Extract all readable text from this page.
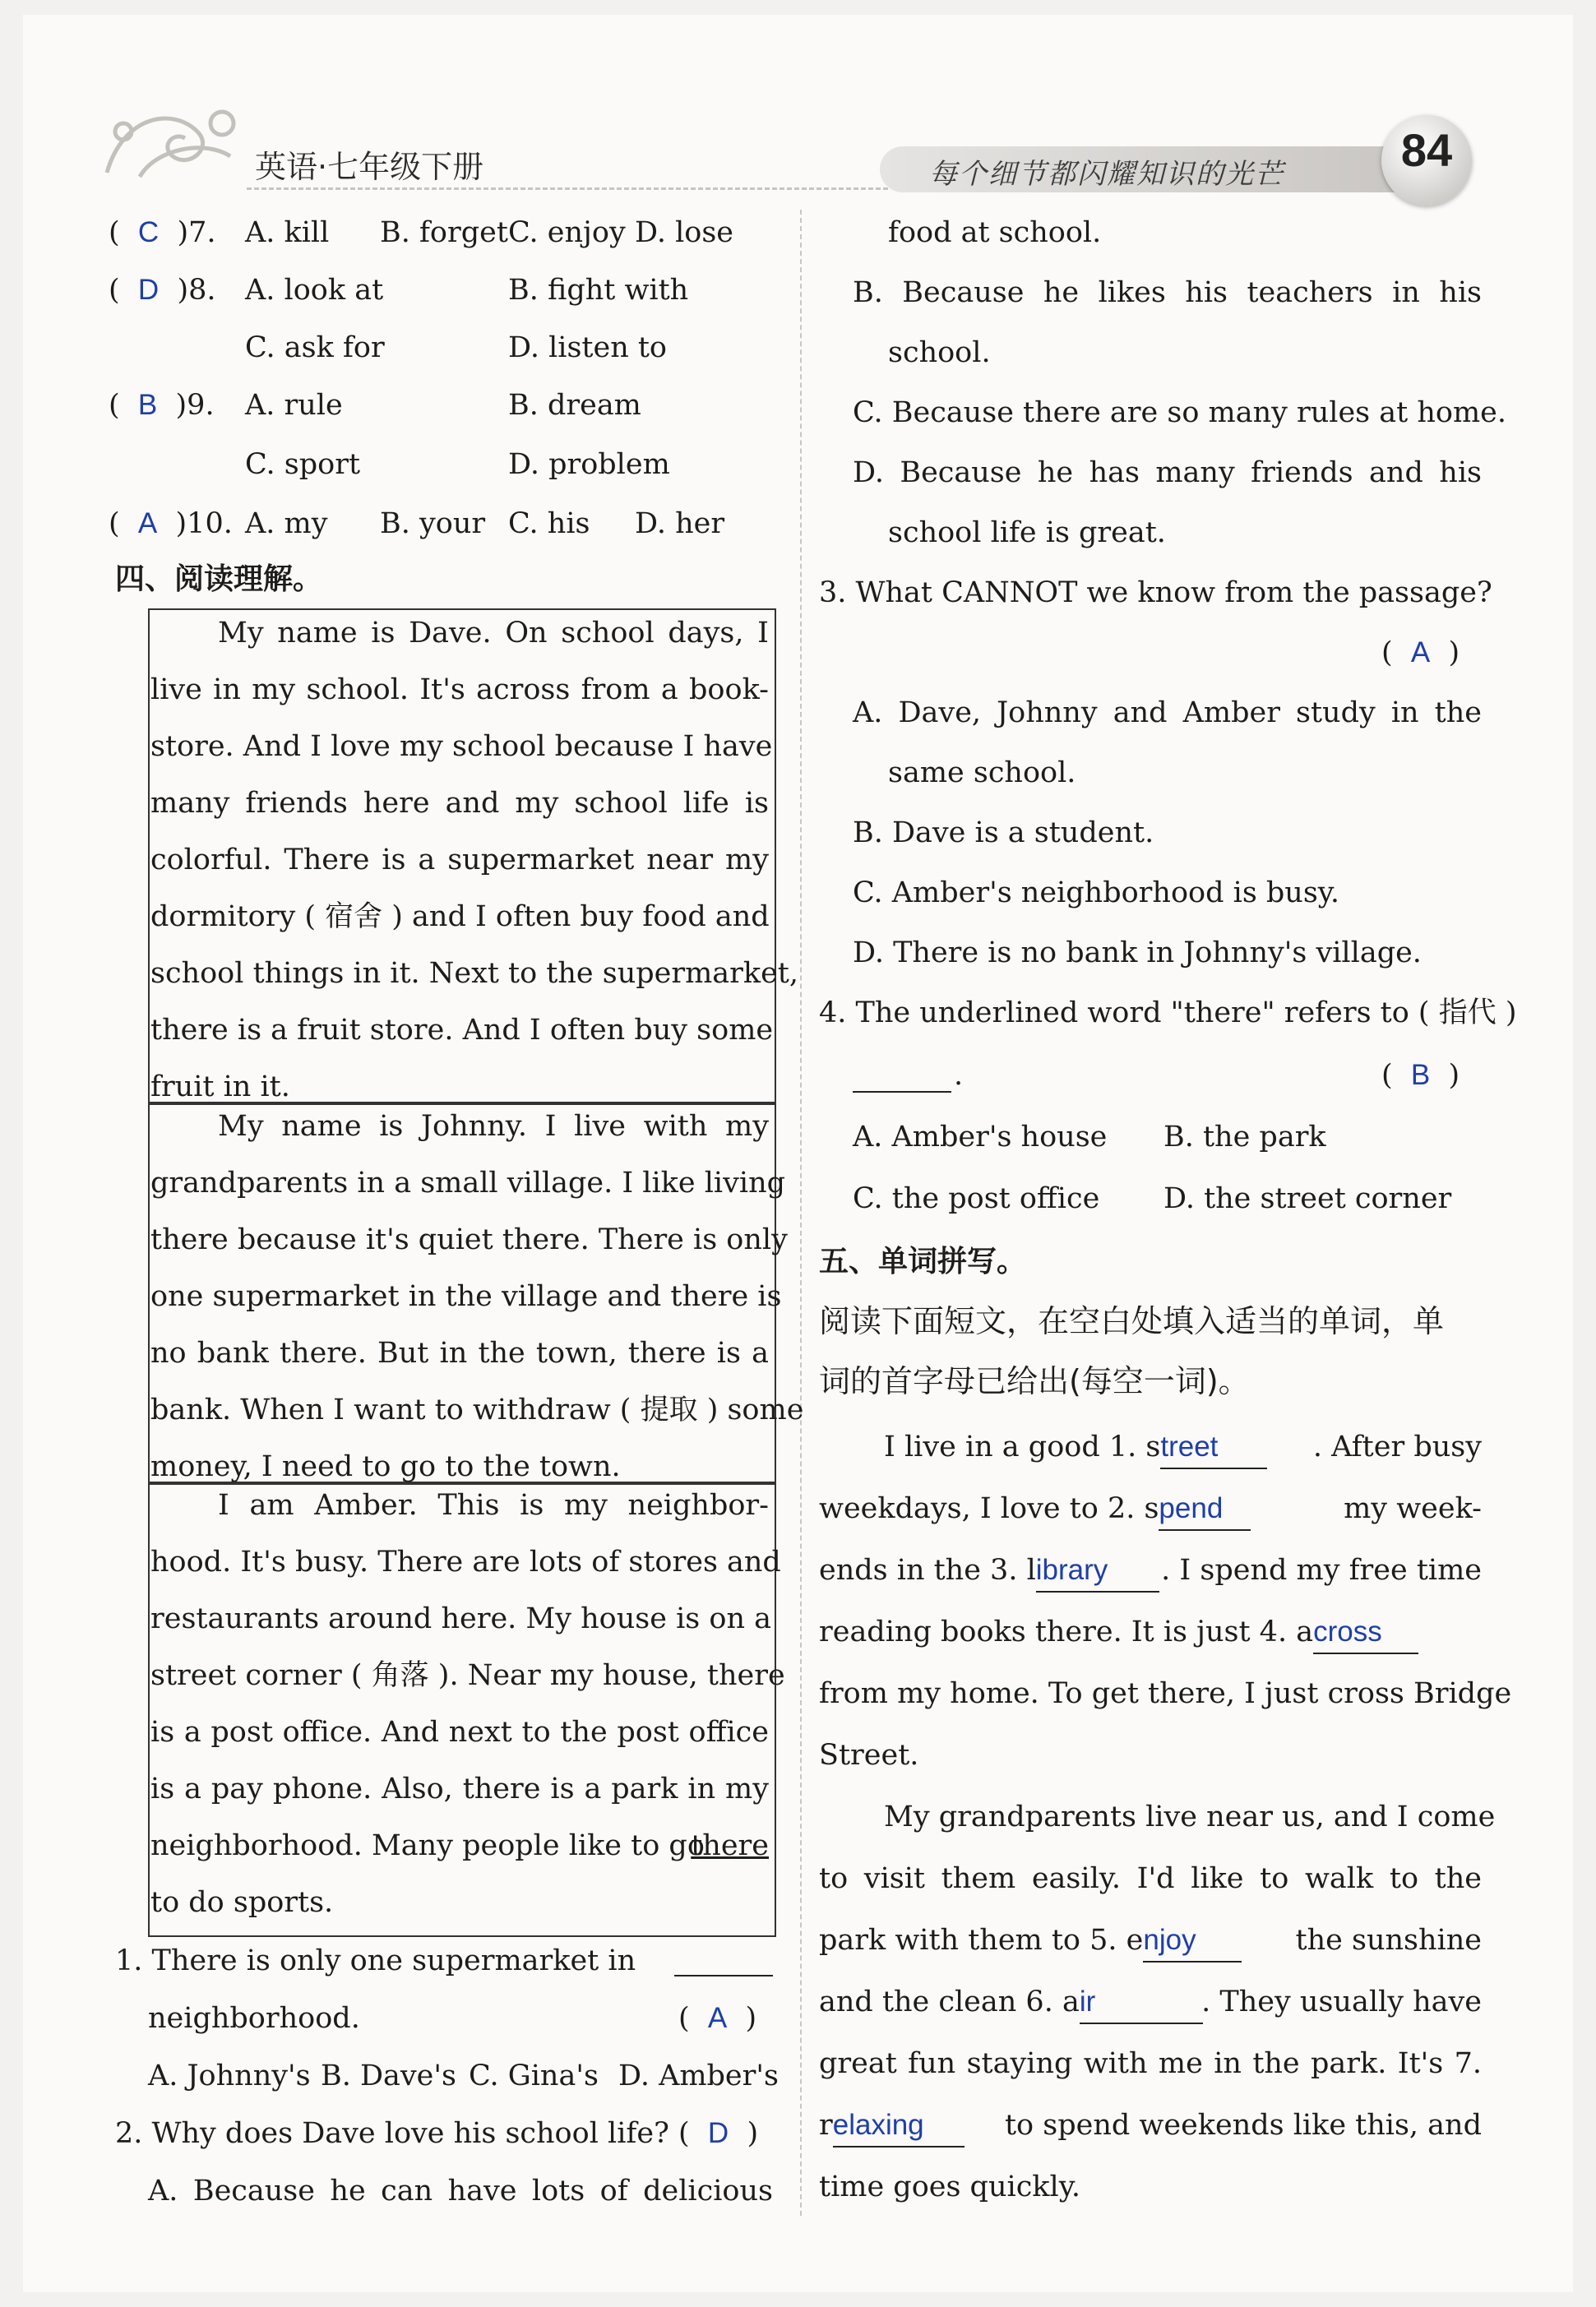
英语·七年级下册	每个细节都闪耀知识的光芒	84
(  C )7. A. kill B. forget C. enjoy D. lose
(  D )8. A. look at	B. fight with
C. ask for	D. listen to
(  B )9. A. rule	B. dream
C. sport	D. problem
(  A )10. A. my B. your C. his D. her
四、阅读理解。
My name is Dave. On school days, I
live in my school. It's across from a book-
store. And I love my school because I have
many friends here and my school life is
colorful. There is a supermarket near my
dormitory ( 宿舍 ) and I often buy food and
school things in it. Next to the supermarket,
there is a fruit store. And I often buy some
fruit in it.
My name is Johnny. I live with my
grandparents in a small village. I like living
there because it's quiet there. There is only
one supermarket in the village and there is
no bank there. But in the town, there is a
bank. When I want to withdraw ( 提取 ) some
money, I need to go to the town.
I am Amber. This is my neighbor-
hood. It's busy. There are lots of stores and
restaurants around here. My house is on a
street corner ( 角落 ). Near my house, there
is a post office. And next to the post office
is a pay phone. Also, there is a park in my
neighborhood. Many people like to go
there
to do sports.
1. There is only one supermarket in
neighborhood.	(  A  )
A. Johnny's B. Dave's C. Gina's D. Amber's
2. Why does Dave love his school life? (  D  )
A. Because he can have lots of delicious
food at school.
B. Because he likes his teachers in his
school.
C. Because there are so many rules at home.
D. Because he has many friends and his
school life is great.
3. What CANNOT we know from the passage?
(  A  )
A. Dave, Johnny and Amber study in the
same school.
B. Dave is a student.
C. Amber's neighborhood is busy.
D. There is no bank in Johnny's village.
4. The underlined word "there" refers to ( 指代 )
.	(  B  )
A. Amber's house B. the park
C. the post office D. the street corner
五、单词拼写。
阅读下面短文，在空白处填入适当的单词，单
词的首字母已给出(每空一词)。
I live in a good 1. street	. After busy
weekdays, I love to 2. spend	my week-
ends in the 3. library . I spend my free time
reading books there. It is just 4. across
from my home. To get there, I just cross Bridge
Street.
My grandparents live near us, and I come
to visit them easily. I'd like to walk to the
park with them to 5. enjoy	the sunshine
and the clean 6. air	. They usually have
great fun staying with me in the park. It's 7.
relaxing	to spend weekends like this, and
time goes quickly.
